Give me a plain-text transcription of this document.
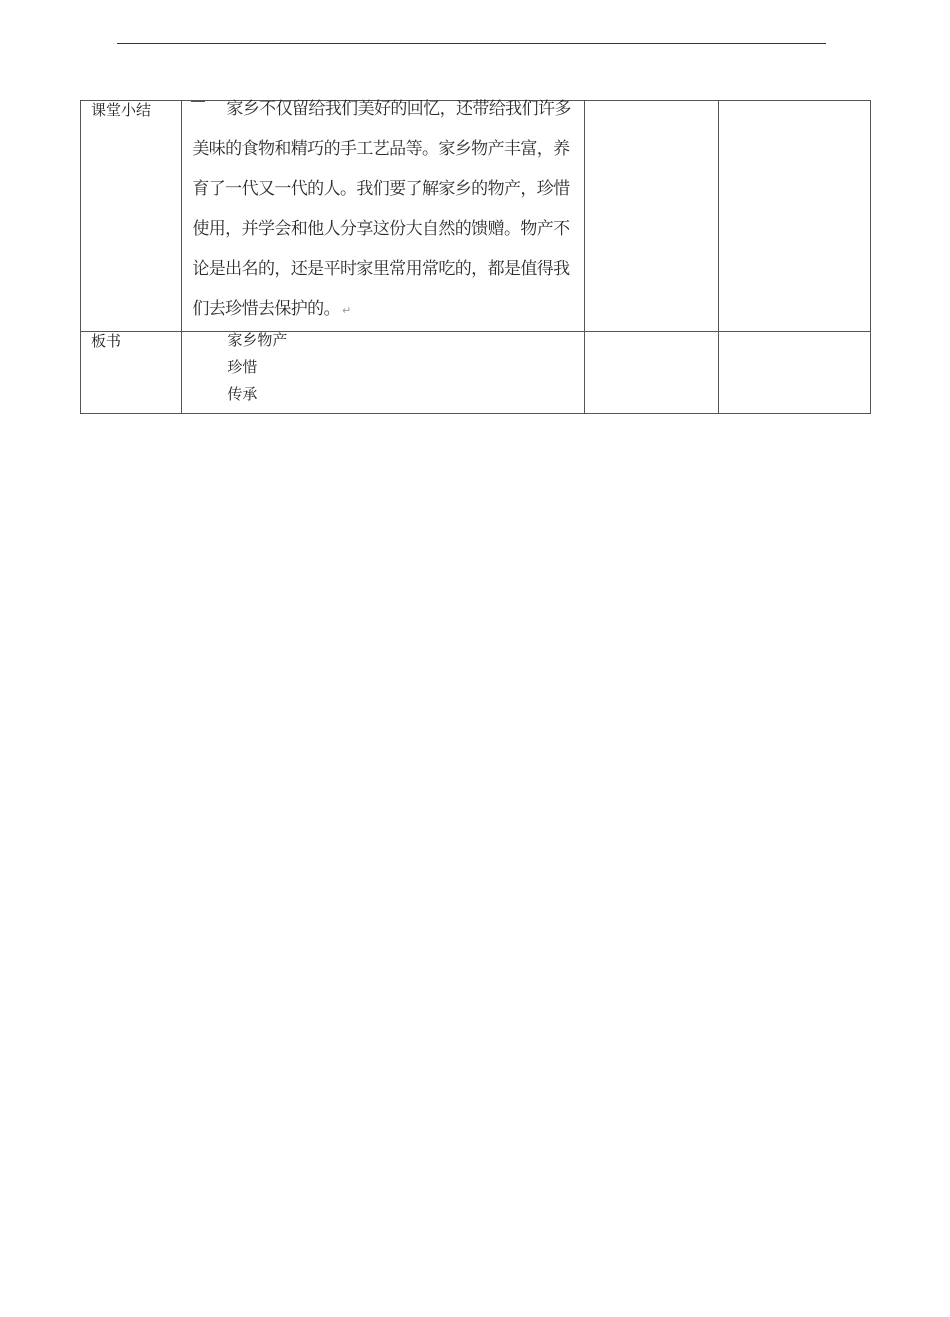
课堂小结	家乡不仅留给我们美好的回忆，还带给我们许多美味的食物和精巧的手工艺品等。家乡物产丰富，养育了一代又一代的人。我们要了解家乡的物产，珍惜使用，并学会和他人分享这份大自然的馈赠。物产不论是出名的，还是平时家里常用常吃的，都是值得我们去珍惜去保护的。 ↵		

板书	家乡物产
珍惜
传承		
